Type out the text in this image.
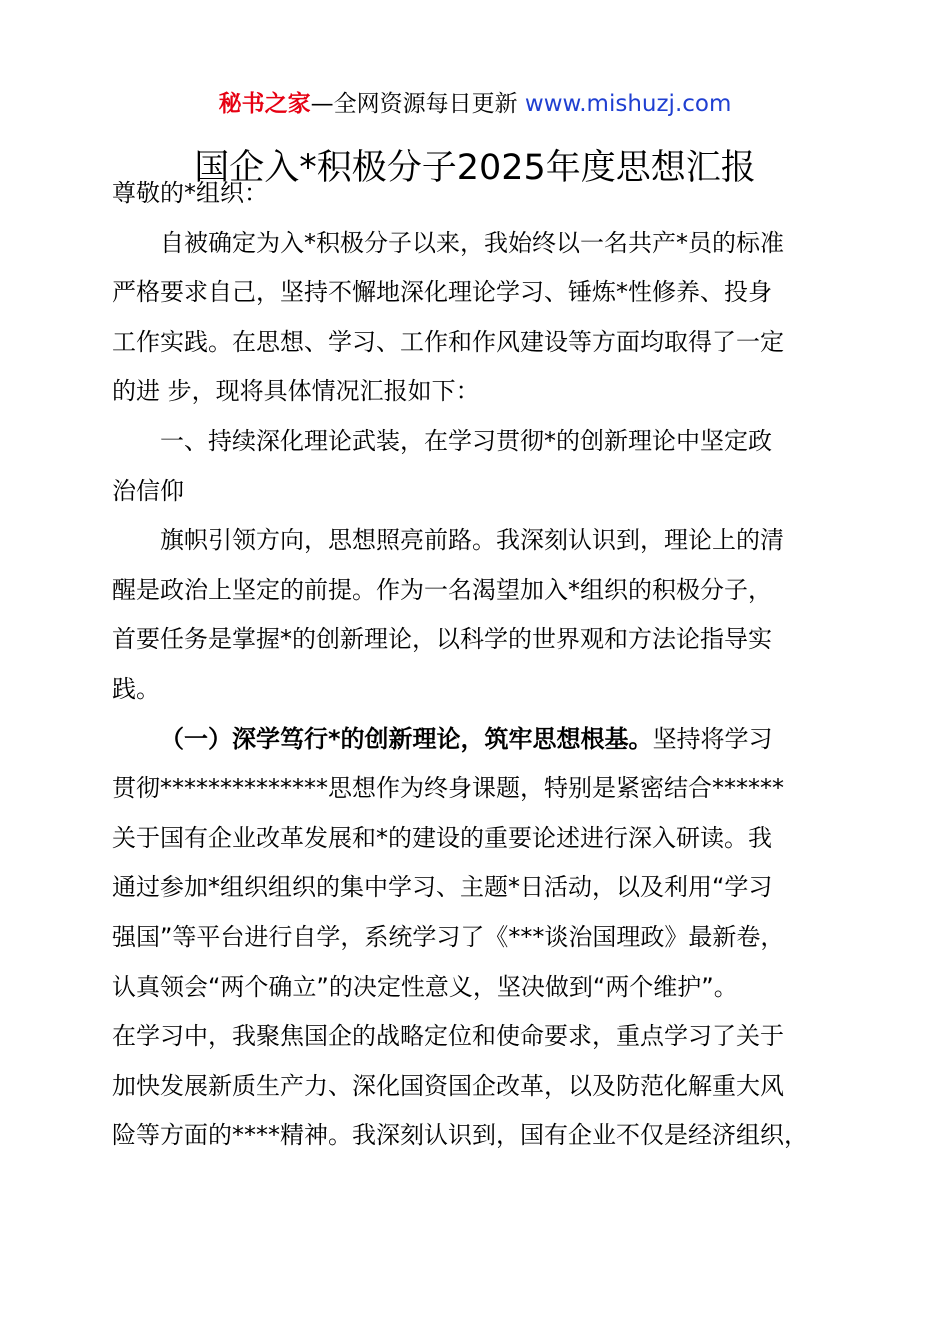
秘书之家—全网资源每日更新 www.mishuzj.com
国企入*积极分子2025年度思想汇报
尊敬的*组织：
自被确定为入*积极分子以来，我始终以一名共产*员的标准
严格要求自己，坚持不懈地深化理论学习、锤炼*性修养、投身
工作实践。在思想、学习、工作和作风建设等方面均取得了一定
的进 步，现将具体情况汇报如下：
一、持续深化理论武装，在学习贯彻*的创新理论中坚定政
治信仰
旗帜引领方向，思想照亮前路。我深刻认识到，理论上的清
醒是政治上坚定的前提。作为一名渴望加入*组织的积极分子，
首要任务是掌握*的创新理论，以科学的世界观和方法论指导实
践。
（一）深学笃行*的创新理论，筑牢思想根基。坚持将学习
贯彻**************思想作为终身课题，特别是紧密结合******
关于国有企业改革发展和*的建设的重要论述进行深入研读。我
通过参加*组织组织的集中学习、主题*日活动，以及利用“学习
强国”等平台进行自学，系统学习了《***谈治国理政》最新卷，
认真领会“两个确立”的决定性意义，坚决做到“两个维护”。
在学习中，我聚焦国企的战略定位和使命要求，重点学习了关于
加快发展新质生产力、深化国资国企改革，以及防范化解重大风
险等方面的****精神。我深刻认识到，国有企业不仅是经济组织，
